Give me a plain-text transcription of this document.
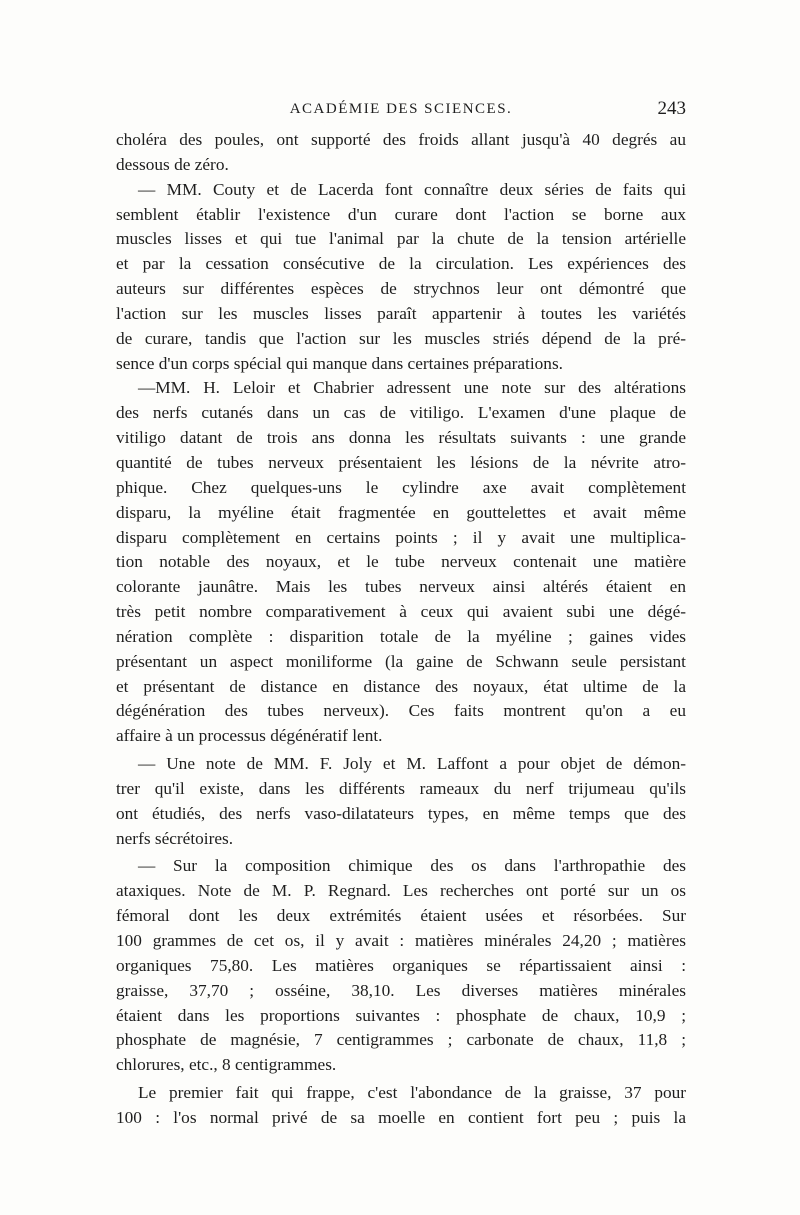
ACADÉMIE DES SCIENCES.	243
choléra des poules, ont supporté des froids allant jusqu'à 40 degrés au
dessous de zéro.
— MM. Couty et de Lacerda font connaître deux séries de faits qui
semblent établir l'existence d'un curare dont l'action se borne aux
muscles lisses et qui tue l'animal par la chute de la tension artérielle
et par la cessation consécutive de la circulation. Les expériences des
auteurs sur différentes espèces de strychnos leur ont démontré que
l'action sur les muscles lisses paraît appartenir à toutes les variétés
de curare, tandis que l'action sur les muscles striés dépend de la pré-
sence d'un corps spécial qui manque dans certaines préparations.
—MM. H. Leloir et Chabrier adressent une note sur des altérations
des nerfs cutanés dans un cas de vitiligo. L'examen d'une plaque de
vitiligo datant de trois ans donna les résultats suivants : une grande
quantité de tubes nerveux présentaient les lésions de la névrite atro-
phique. Chez quelques-uns le cylindre axe avait complètement
disparu, la myéline était fragmentée en gouttelettes et avait même
disparu complètement en certains points ; il y avait une multiplica-
tion notable des noyaux, et le tube nerveux contenait une matière
colorante jaunâtre. Mais les tubes nerveux ainsi altérés étaient en
très petit nombre comparativement à ceux qui avaient subi une dégé-
nération complète : disparition totale de la myéline ; gaines vides
présentant un aspect moniliforme (la gaine de Schwann seule persistant
et présentant de distance en distance des noyaux, état ultime de la
dégénération des tubes nerveux). Ces faits montrent qu'on a eu
affaire à un processus dégénératif lent.
— Une note de MM. F. Joly et M. Laffont a pour objet de démon-
trer qu'il existe, dans les différents rameaux du nerf trijumeau qu'ils
ont étudiés, des nerfs vaso-dilatateurs types, en même temps que des
nerfs sécrétoires.
— Sur la composition chimique des os dans l'arthropathie des
ataxiques. Note de M. P. Regnard. Les recherches ont porté sur un os
fémoral dont les deux extrémités étaient usées et résorbées. Sur
100 grammes de cet os, il y avait : matières minérales 24,20 ; matières
organiques 75,80. Les matières organiques se répartissaient ainsi :
graisse, 37,70 ; osséine, 38,10. Les diverses matières minérales
étaient dans les proportions suivantes : phosphate de chaux, 10,9 ;
phosphate de magnésie, 7 centigrammes ; carbonate de chaux, 11,8 ;
chlorures, etc., 8 centigrammes.
Le premier fait qui frappe, c'est l'abondance de la graisse, 37 pour
100 : l'os normal privé de sa moelle en contient fort peu ; puis la
